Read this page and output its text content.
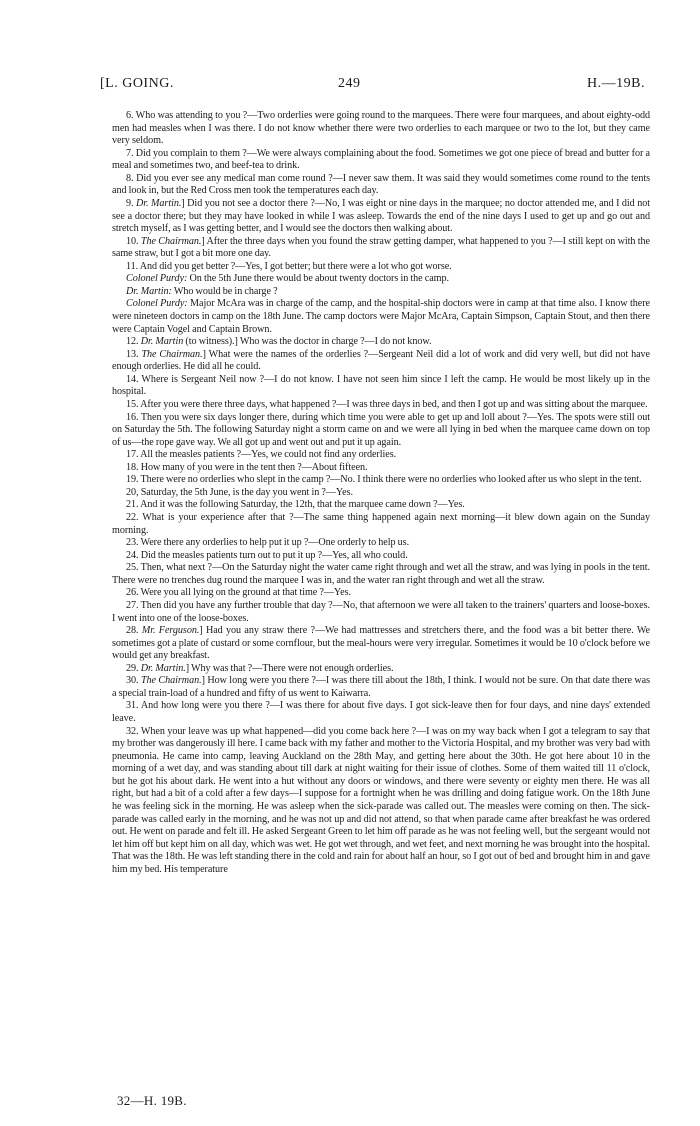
[L. GOING.	249	H.—19B.

6. Who was attending to you ?—Two orderlies were going round to the marquees. There were four marquees, and about eighty-odd men had measles when I was there. I do not know whether there were two orderlies to each marquee or two to the lot, but they came very seldom.

7. Did you complain to them ?—We were always complaining about the food. Sometimes we got one piece of bread and butter for a meal and sometimes two, and beef-tea to drink.

8. Did you ever see any medical man come round ?—I never saw them. It was said they would sometimes come round to the tents and look in, but the Red Cross men took the temperatures each day.

9. Dr. Martin.] Did you not see a doctor there ?—No, I was eight or nine days in the marquee; no doctor attended me, and I did not see a doctor there; but they may have looked in while I was asleep. Towards the end of the nine days I used to get up and go out and stretch myself, as I was getting better, and I would see the doctors then walking about.

10. The Chairman.] After the three days when you found the straw getting damper, what happened to you ?—I still kept on with the same straw, but I got a bit more one day.

11. And did you get better ?—Yes, I got better; but there were a lot who got worse.

Colonel Purdy: On the 5th June there would be about twenty doctors in the camp.

Dr. Martin: Who would be in charge ?

Colonel Purdy: Major McAra was in charge of the camp, and the hospital-ship doctors were in camp at that time also. I know there were nineteen doctors in camp on the 18th June. The camp doctors were Major McAra, Captain Simpson, Captain Stout, and then there were Captain Vogel and Captain Brown.

12. Dr. Martin (to witness).] Who was the doctor in charge ?—I do not know.

13. The Chairman.] What were the names of the orderlies ?—Sergeant Neil did a lot of work and did very well, but did not have enough orderlies. He did all he could.

14. Where is Sergeant Neil now ?—I do not know. I have not seen him since I left the camp. He would be most likely up in the hospital.

15. After you were there three days, what happened ?—I was three days in bed, and then I got up and was sitting about the marquee.

16. Then you were six days longer there, during which time you were able to get up and loll about ?—Yes. The spots were still out on Saturday the 5th. The following Saturday night a storm came on and we were all lying in bed when the marquee came down on top of us—the rope gave way. We all got up and went out and put it up again.

17. All the measles patients ?—Yes, we could not find any orderlies.

18. How many of you were in the tent then ?—About fifteen.

19. There were no orderlies who slept in the camp ?—No. I think there were no orderlies who looked after us who slept in the tent.

20, Saturday, the 5th June, is the day you went in ?—Yes.

21. And it was the following Saturday, the 12th, that the marquee came down ?—Yes.

22. What is your experience after that ?—The same thing happened again next morning—it blew down again on the Sunday morning.

23. Were there any orderlies to help put it up ?—One orderly to help us.

24. Did the measles patients turn out to put it up ?—Yes, all who could.

25. Then, what next ?—On the Saturday night the water came right through and wet all the straw, and was lying in pools in the tent. There were no trenches dug round the marquee I was in, and the water ran right through and wet all the straw.

26. Were you all lying on the ground at that time ?—Yes.

27. Then did you have any further trouble that day ?—No, that afternoon we were all taken to the trainers' quarters and loose-boxes. I went into one of the loose-boxes.

28. Mr. Ferguson.] Had you any straw there ?—We had mattresses and stretchers there, and the food was a bit better there. We sometimes got a plate of custard or some cornflour, but the meal-hours were very irregular. Sometimes it would be 10 o'clock before we would get any breakfast.

29. Dr. Martin.] Why was that ?—There were not enough orderlies.

30. The Chairman.] How long were you there ?—I was there till about the 18th, I think. I would not be sure. On that date there was a special train-load of a hundred and fifty of us went to Kaiwarra.

31. And how long were you there ?—I was there for about five days. I got sick-leave then for four days, and nine days' extended leave.

32. When your leave was up what happened—did you come back here ?—I was on my way back when I got a telegram to say that my brother was dangerously ill here. I came back with my father and mother to the Victoria Hospital, and my brother was very bad with pneumonia. He came into camp, leaving Auckland on the 28th May, and getting here about the 30th. He got here about 10 in the morning of a wet day, and was standing about till dark at night waiting for their issue of clothes. Some of them waited till 11 o'clock, but he got his about dark. He went into a hut without any doors or windows, and there were seventy or eighty men there. He was all right, but had a bit of a cold after a few days—I suppose for a fortnight when he was drilling and doing fatigue work. On the 18th June he was feeling sick in the morning. He was asleep when the sick-parade was called out. The measles were coming on then. The sick-parade was called early in the morning, and he was not up and did not attend, so that when parade came after breakfast he was ordered out. He went on parade and felt ill. He asked Sergeant Green to let him off parade as he was not feeling well, but the sergeant would not let him off but kept him on all day, which was wet. He got wet through, and wet feet, and next morning he was brought into the hospital. That was the 18th. He was left standing there in the cold and rain for about half an hour, so I got out of bed and brought him in and gave him my bed. His temperature

32—H. 19B.
